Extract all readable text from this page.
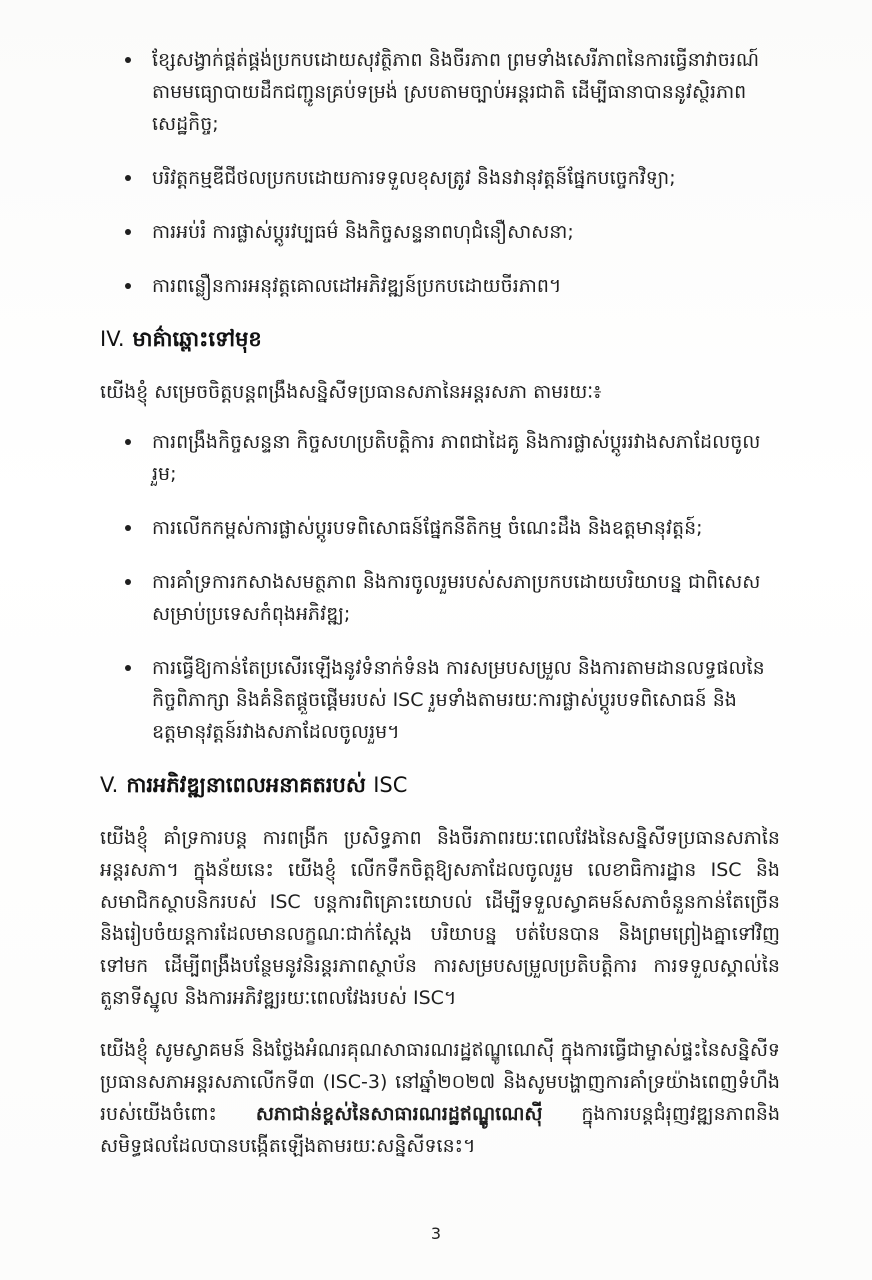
ខ្សែសង្វាក់ផ្គត់ផ្គង់ប្រកបដោយសុវត្ថិភាព និងចីរភាព ព្រមទាំងសេរីភាពនៃការធ្វើនាវាចរណ៍តាមមធ្យោបាយដឹកជញ្ជូនគ្រប់ទម្រង់ ស្របតាមច្បាប់អន្តរជាតិ ដើម្បីធានាបាននូវស្ថិរភាពសេដ្ឋកិច្ច;
បរិវត្តកម្មឌីជីថលប្រកបដោយការទទួលខុសត្រូវ និងនវានុវត្តន៍ផ្នែកបច្ចេកវិទ្យា;
ការអប់រំ ការផ្លាស់ប្តូរវប្បធម៌ និងកិច្ចសន្ទនាពហុជំនឿសាសនា;
ការពន្លឿនការអនុវត្តគោលដៅអភិវឌ្ឍន៍ប្រកបដោយចីរភាព។
IV. មាគ៌ាឆ្ពោះទៅមុខ

យើងខ្ញុំ សម្រេចចិត្តបន្តពង្រឹងសន្និសីទប្រធានសភានៃអន្តរសភា តាមរយៈ៖

ការពង្រឹងកិច្ចសន្ទនា កិច្ចសហប្រតិបត្តិការ ភាពជាដៃគូ និងការផ្លាស់ប្តូររវាងសភាដែលចូលរួម;
ការលើកកម្ពស់ការផ្លាស់ប្តូរបទពិសោធន៍ផ្នែកនីតិកម្ម ចំណេះដឹង និងឧត្តមានុវត្តន៍;
ការគាំទ្រការកសាងសមត្ថភាព និងការចូលរួមរបស់សភាប្រកបដោយបរិយាបន្ន ជាពិសេសសម្រាប់ប្រទេសកំពុងអភិវឌ្ឍ;
ការធ្វើឱ្យកាន់តែប្រសើរឡើងនូវទំនាក់ទំនង ការសម្របសម្រួល និងការតាមដានលទ្ធផលនៃកិច្ចពិភាក្សា និងគំនិតផ្តួចផ្តើមរបស់ ISC រួមទាំងតាមរយៈការផ្លាស់ប្តូរបទពិសោធន៍ និងឧត្តមានុវត្តន៍រវាងសភាដែលចូលរួម។
V. ការអភិវឌ្ឍនាពេលអនាគតរបស់ ISC

យើងខ្ញុំ គាំទ្រការបន្ត ការពង្រីក ប្រសិទ្ធភាព និងចីរភាពរយៈពេលវែងនៃសន្និសីទប្រធានសភានៃអន្តរសភា។ ក្នុងន័យនេះ យើងខ្ញុំ លើកទឹកចិត្តឱ្យសភាដែលចូលរួម លេខាធិការដ្ឋាន ISC និងសមាជិកស្ថាបនិករបស់ ISC បន្តការពិគ្រោះយោបល់ ដើម្បីទទួលស្វាគមន៍សភាចំនួនកាន់តែច្រើន និងរៀបចំយន្តការដែលមានលក្ខណៈជាក់ស្តែង បរិយាបន្ន បត់បែនបាន និងព្រមព្រៀងគ្នាទៅវិញទៅមក ដើម្បីពង្រឹងបន្ថែមនូវនិរន្តរភាពស្ថាប័ន ការសម្របសម្រួលប្រតិបត្តិការ ការទទួលស្គាល់នៃតួនាទីស្នូល និងការអភិវឌ្ឍរយៈពេលវែងរបស់ ISC។

យើងខ្ញុំ សូមស្វាគមន៍ និងថ្លែងអំណរគុណសាធារណរដ្ឋឥណ្ឌូណេស៊ី ក្នុងការធ្វើជាម្ចាស់ផ្ទះនៃសន្និសីទប្រធានសភាអន្តរសភាលើកទី៣ (ISC-3) នៅឆ្នាំ២០២៧ និងសូមបង្ហាញការគាំទ្រយ៉ាងពេញទំហឹងរបស់យើងចំពោះ សភាជាន់ខ្ពស់នៃសាធារណរដ្ឋឥណ្ឌូណេស៊ី ក្នុងការបន្តជំរុញវឌ្ឍនភាពនិងសមិទ្ធផលដែលបានបង្កើតឡើងតាមរយៈសន្និសីទនេះ។

3
